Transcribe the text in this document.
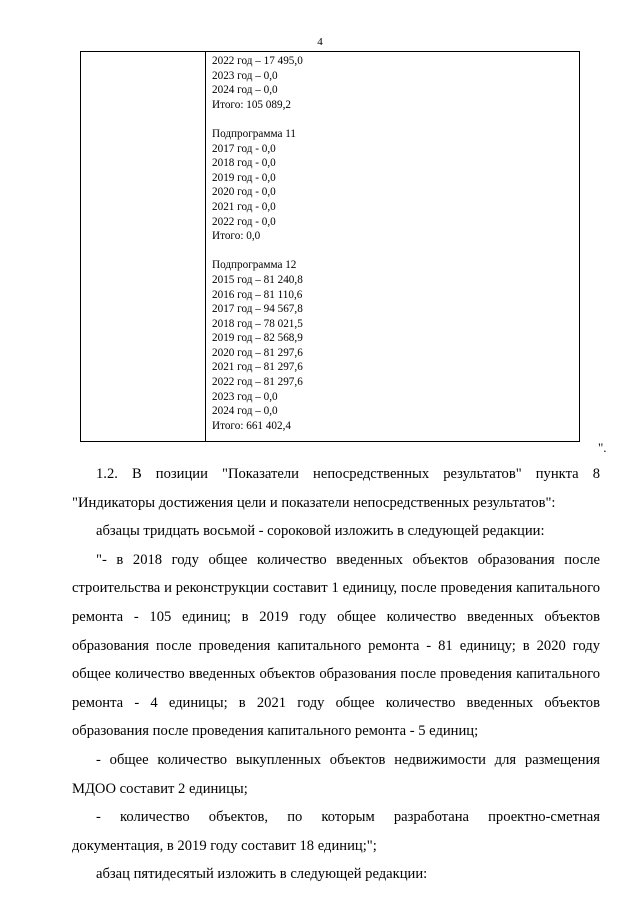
4
2022 год – 17 495,0
2023 год – 0,0
2024 год – 0,0
Итого: 105 089,2
Подпрограмма 11
2017 год - 0,0
2018 год - 0,0
2019 год - 0,0
2020 год - 0,0
2021 год - 0,0
2022 год - 0,0
Итого: 0,0
Подпрограмма 12
2015 год – 81 240,8
2016 год – 81 110,6
2017 год – 94 567,8
2018 год – 78 021,5
2019 год – 82 568,9
2020 год – 81 297,6
2021 год – 81 297,6
2022 год – 81 297,6
2023 год – 0,0
2024 год – 0,0
Итого: 661 402,4
".

1.2. В позиции "Показатели непосредственных результатов" пункта 8 "Индикаторы достижения цели и показатели непосредственных результатов":

абзацы тридцать восьмой - сороковой изложить в следующей редакции:

"- в 2018 году общее количество введенных объектов образования после строительства и реконструкции составит 1 единицу, после проведения капитального ремонта - 105 единиц; в 2019 году общее количество введенных объектов образования после проведения капитального ремонта - 81 единицу; в 2020 году общее количество введенных объектов образования после проведения капитального ремонта - 4 единицы; в 2021 году общее количество введенных объектов образования после проведения капитального ремонта - 5 единиц;

- общее количество выкупленных объектов недвижимости для размещения МДОО составит 2 единицы;

- количество объектов, по которым разработана проектно-сметная документация, в 2019 году составит 18 единиц;";

абзац пятидесятый изложить в следующей редакции:
